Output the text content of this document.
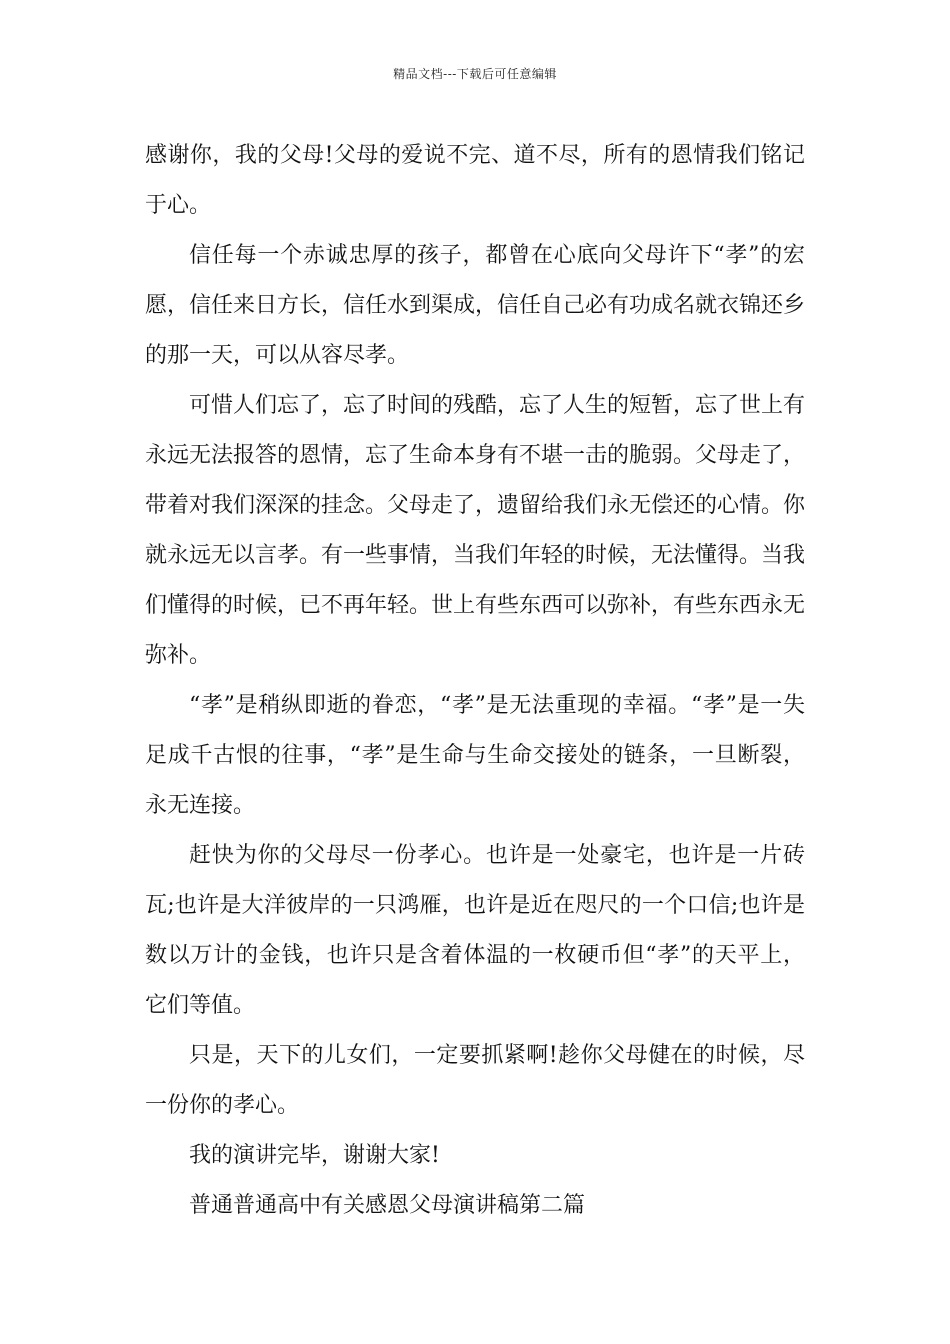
精品文档---下载后可任意编辑

感谢你，我的父母!父母的爱说不完、道不尽，所有的恩情我们铭记于心。

信任每一个赤诚忠厚的孩子，都曾在心底向父母许下“孝”的宏愿，信任来日方长，信任水到渠成，信任自己必有功成名就衣锦还乡的那一天，可以从容尽孝。

可惜人们忘了，忘了时间的残酷，忘了人生的短暂，忘了世上有永远无法报答的恩情，忘了生命本身有不堪一击的脆弱。父母走了，带着对我们深深的挂念。父母走了，遗留给我们永无偿还的心情。你就永远无以言孝。有一些事情，当我们年轻的时候，无法懂得。当我们懂得的时候，已不再年轻。世上有些东西可以弥补，有些东西永无弥补。

“孝”是稍纵即逝的眷恋，“孝”是无法重现的幸福。“孝”是一失足成千古恨的往事，“孝”是生命与生命交接处的链条，一旦断裂，永无连接。

赶快为你的父母尽一份孝心。也许是一处豪宅，也许是一片砖瓦;也许是大洋彼岸的一只鸿雁，也许是近在咫尺的一个口信;也许是数以万计的金钱，也许只是含着体温的一枚硬币但“孝”的天平上，它们等值。

只是，天下的儿女们，一定要抓紧啊!趁你父母健在的时候，尽一份你的孝心。

我的演讲完毕，谢谢大家!

普通普通高中有关感恩父母演讲稿第二篇
